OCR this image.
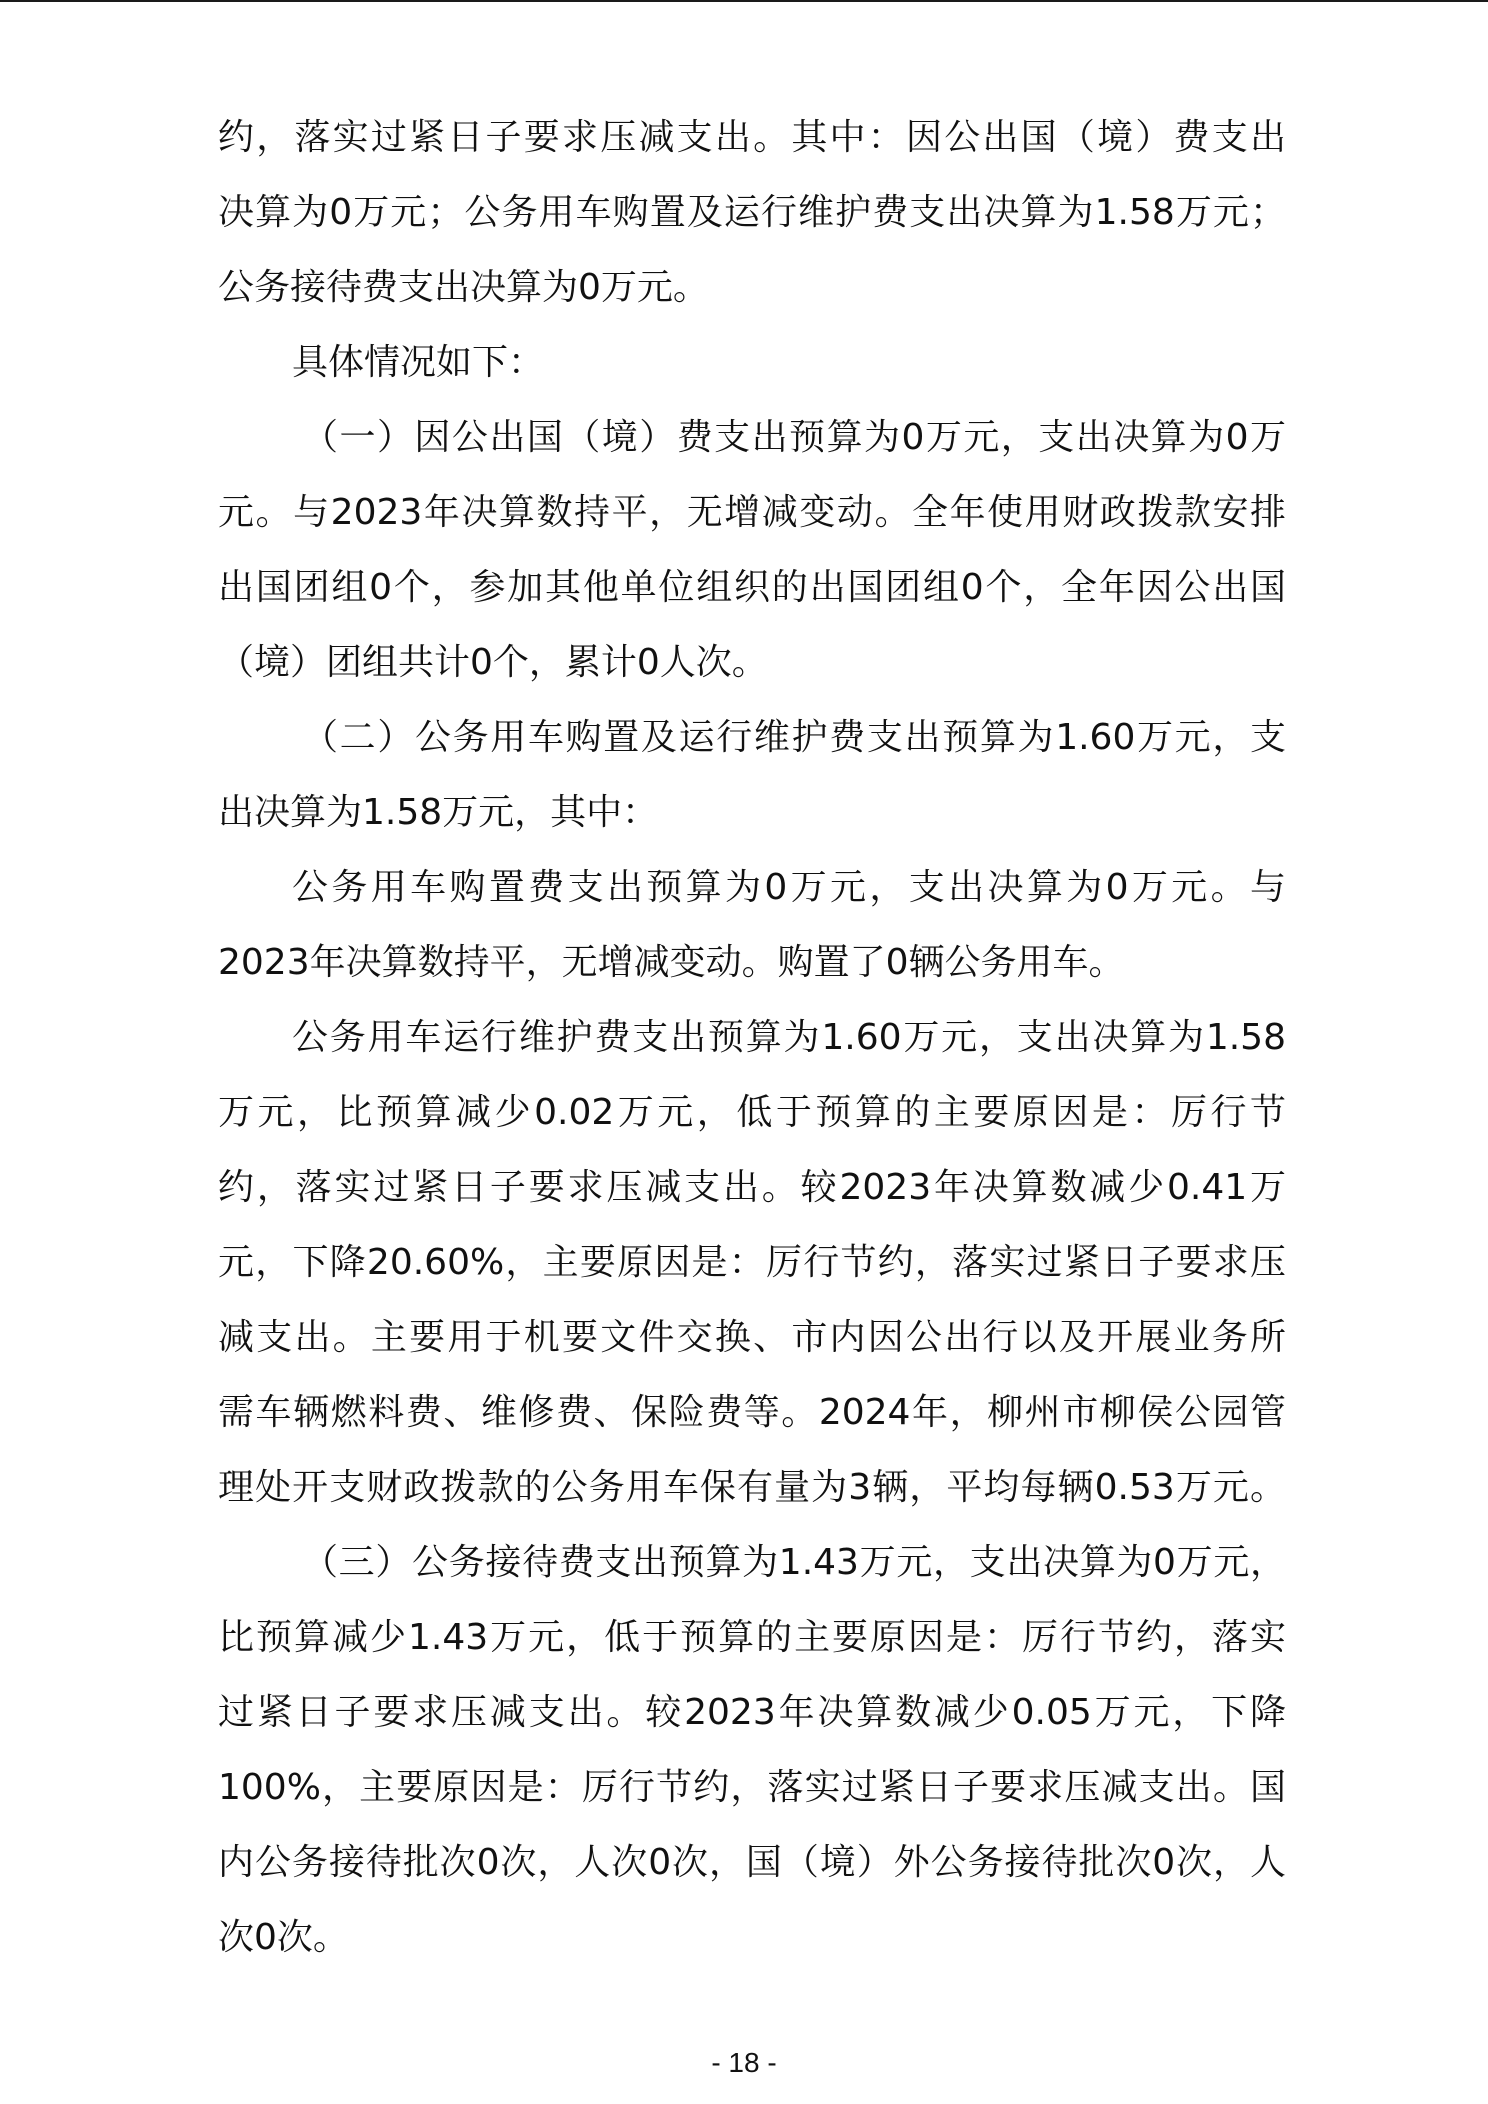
约，落实过紧日子要求压减支出。其中：因公出国（境）费支出
决算为0万元；公务用车购置及运行维护费支出决算为1.58万元；
公务接待费支出决算为0万元。
具体情况如下：
（一）因公出国（境）费支出预算为0万元，支出决算为0万
元。与2023年决算数持平，无增减变动。全年使用财政拨款安排
出国团组0个，参加其他单位组织的出国团组0个，全年因公出国
（境）团组共计0个，累计0人次。
（二）公务用车购置及运行维护费支出预算为1.60万元，支
出决算为1.58万元，其中：
公务用车购置费支出预算为0万元，支出决算为0万元。与
2023年决算数持平，无增减变动。购置了0辆公务用车。
公务用车运行维护费支出预算为1.60万元，支出决算为1.58
万元，比预算减少0.02万元，低于预算的主要原因是：厉行节
约，落实过紧日子要求压减支出。较2023年决算数减少0.41万
元，下降20.60%，主要原因是：厉行节约，落实过紧日子要求压
减支出。主要用于机要文件交换、市内因公出行以及开展业务所
需车辆燃料费、维修费、保险费等。2024年，柳州市柳侯公园管
理处开支财政拨款的公务用车保有量为3辆，平均每辆0.53万元。
（三）公务接待费支出预算为1.43万元，支出决算为0万元，
比预算减少1.43万元，低于预算的主要原因是：厉行节约，落实
过紧日子要求压减支出。较2023年决算数减少0.05万元，下降
100%，主要原因是：厉行节约，落实过紧日子要求压减支出。国
内公务接待批次0次，人次0次，国（境）外公务接待批次0次，人
次0次。
- 18 -
